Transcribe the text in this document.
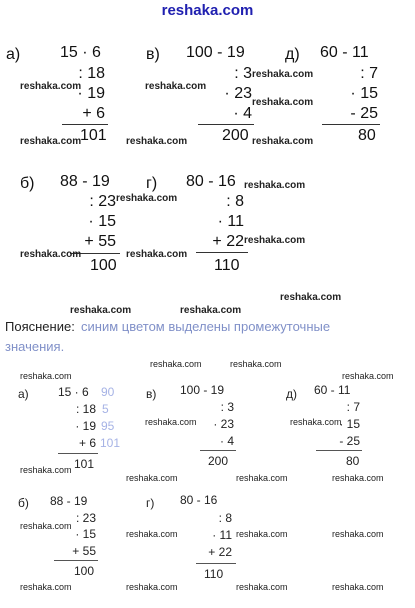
reshaka.com
а) 15 · 6
: 18
· 19
+ 6
101
в) 100 - 19
: 3
· 23
· 4
200
д) 60 - 11
: 7
· 15
- 25
80
б) 88 - 19
: 23
· 15
+ 55
100
г) 80 - 16
: 8
· 11
+ 22
110
reshaka.com	reshaka.com
reshaka.com
reshaka.com
reshaka.com	reshaka.com	reshaka.com
reshaka.com
reshaka.com
reshaka.com
reshaka.com	reshaka.com
reshaka.com
reshaka.com	reshaka.com
Пояснение: синим цветом выделены промежуточные
значения.
а) 15 · 6
: 18
· 19
+ 6
90
5
95
101
101
в) 100 - 19
: 3
· 23
· 4
200
д) 60 - 11
: 7
· 15
- 25
80
б) 88 - 19
: 23
· 15
+ 55
100
г) 80 - 16
: 8
· 11
+ 22
110
reshaka.com
reshaka.com	reshaka.com
reshaka.com
reshaka.com	reshaka.com
reshaka.com
reshaka.com	reshaka.com	reshaka.com
reshaka.com
reshaka.com	reshaka.com	reshaka.com
reshaka.com	reshaka.com	reshaka.com	reshaka.com
